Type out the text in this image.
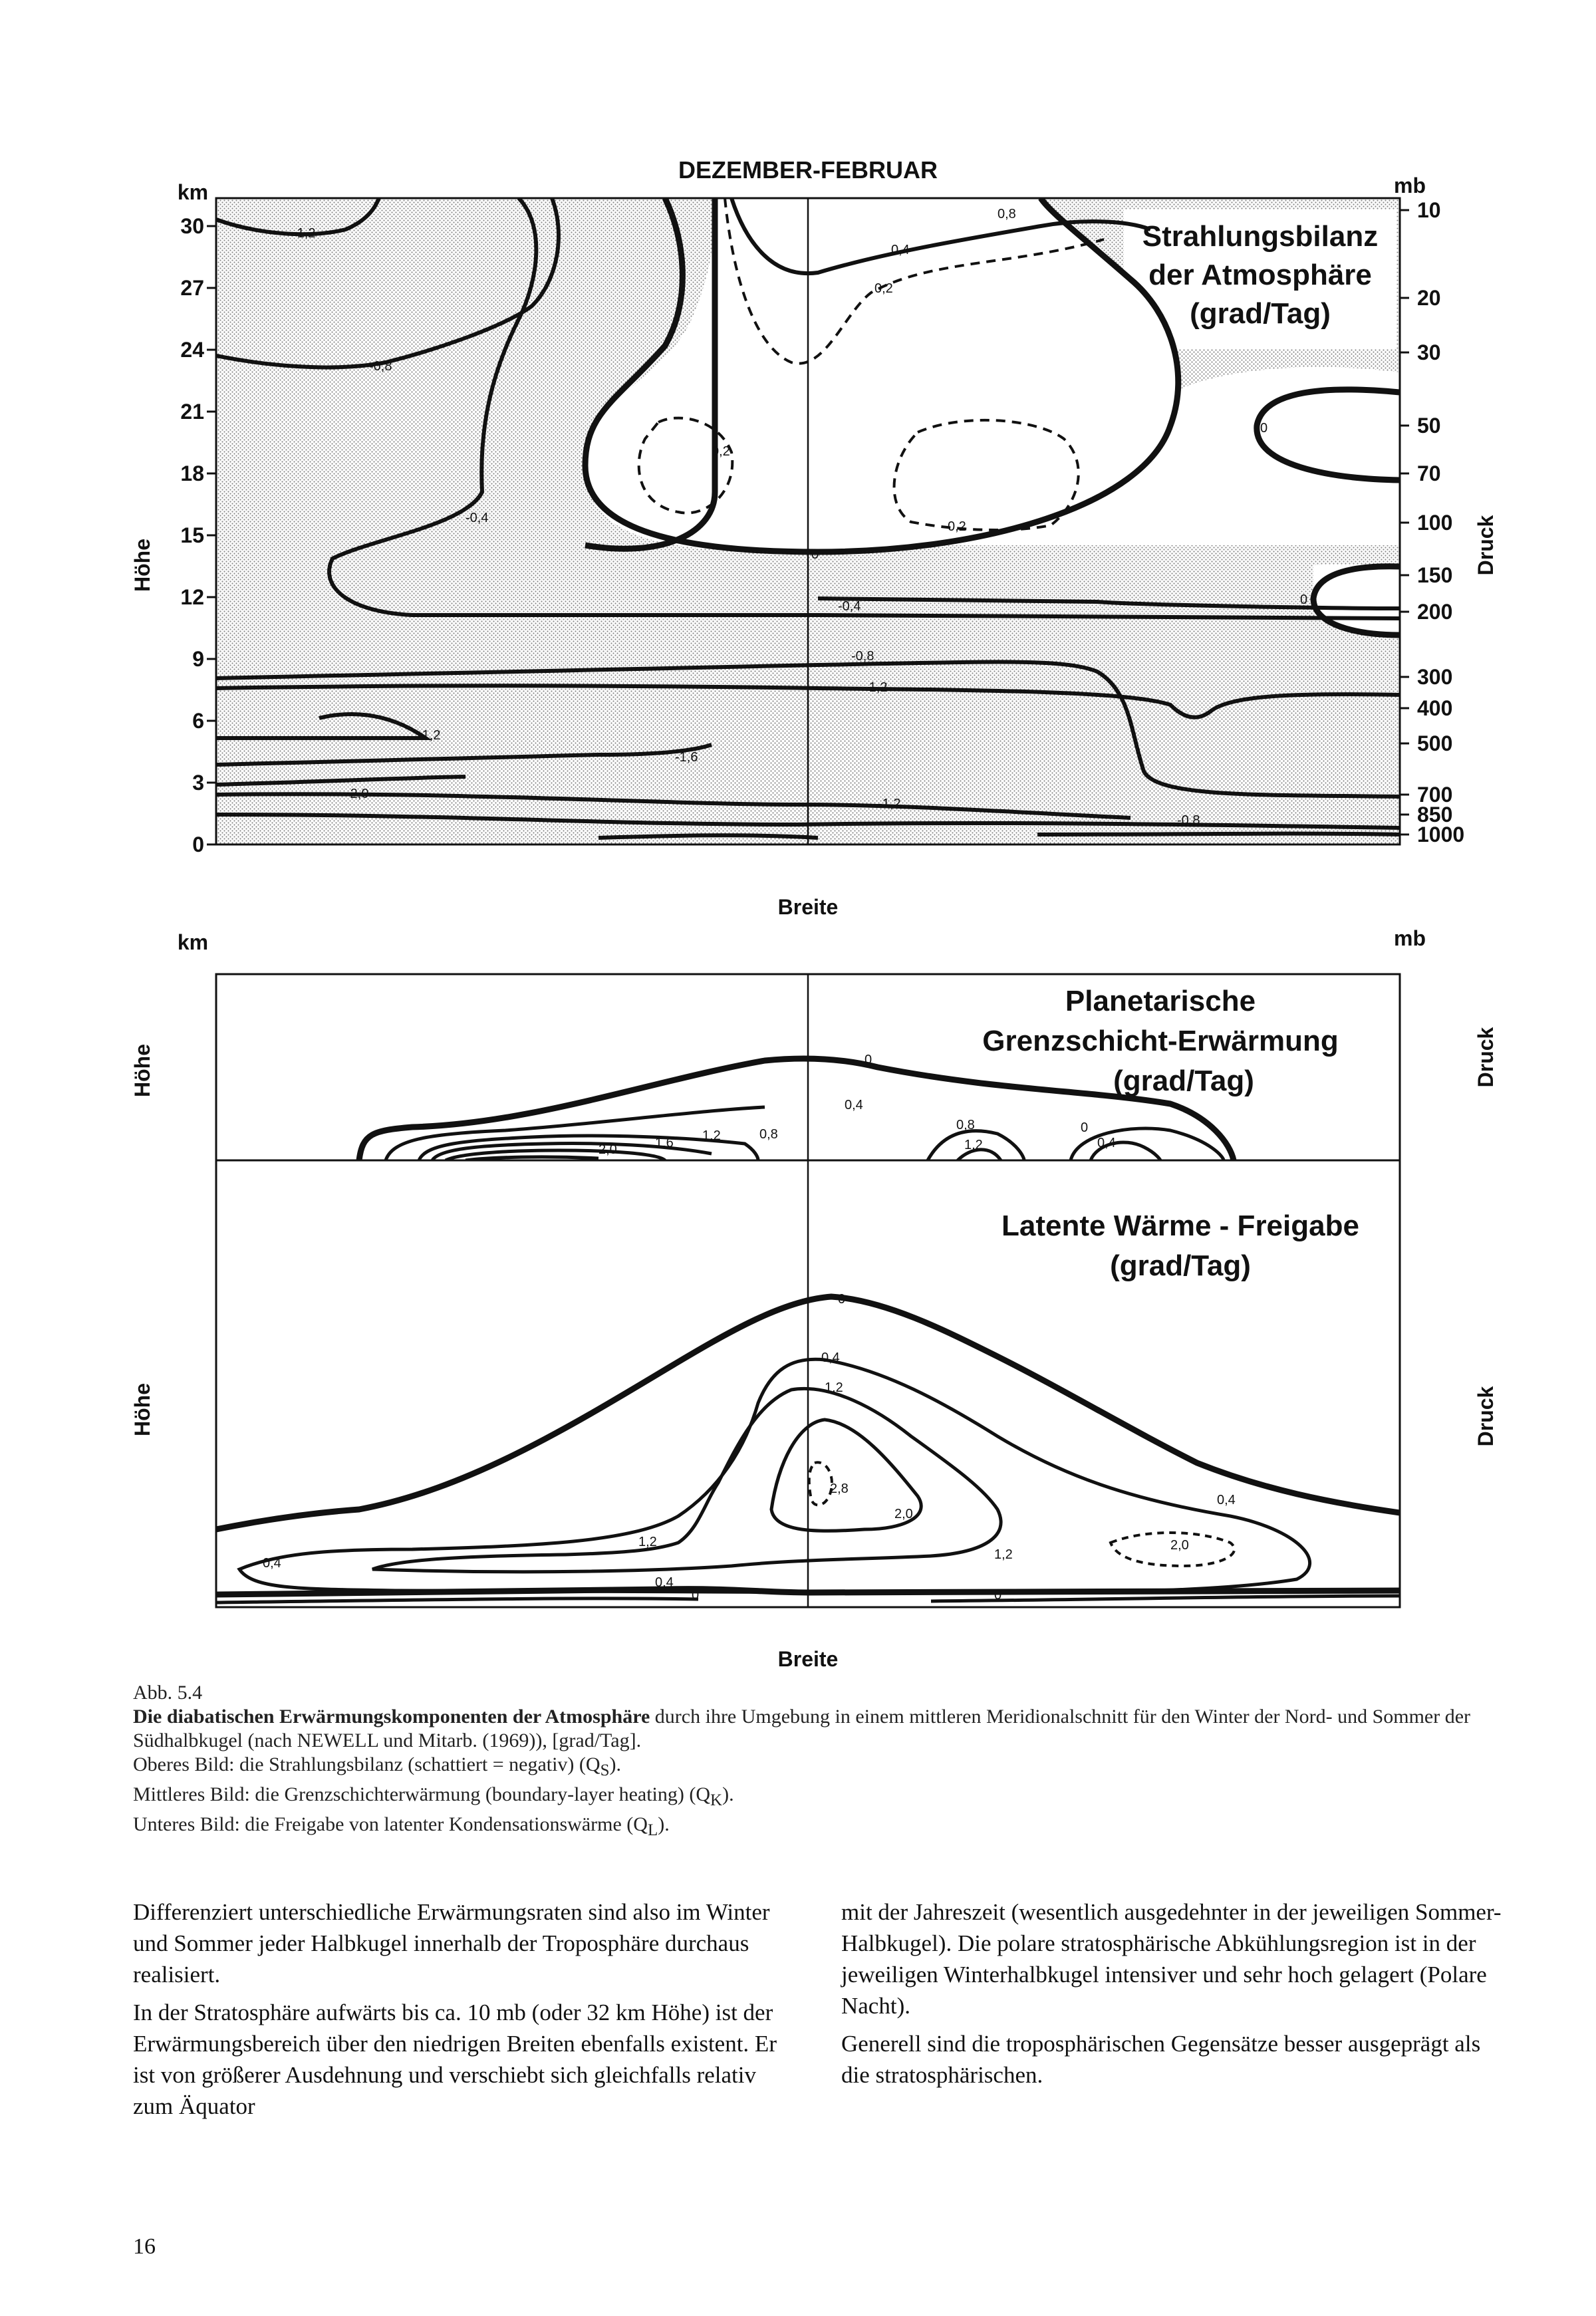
DEZEMBER-FEBRUAR
km	mb
-1,2
-0,8
-0,4
-0,4
-0,8
-1,2
-1,2
-1,6
-2,0
-1,2
-0,8
0,8
0,4
0,2
0,2
0,2
0
0
0
Strahlungsbilanz
der Atmosphäre
(grad/Tag)
30
27
24
21
18
15
12
9
6
3
0
10
20
30
50
70
100
150
200
300
400
500
700
850
1000
Höhe	Druck
Breite
km	mb
0
0,4
0,8
0,8
1,2
1,2
1,6
2,0
0
0,4
Planetarische
Grenzschicht-Erwärmung
(grad/Tag)
Höhe	Druck
0
0,4
1,2
2,8
2,0
0,4
2,0
1,2
1,2
0,4
0,4
0	0
Latente Wärme - Freigabe
(grad/Tag)
Höhe	Druck
Breite
Abb. 5.4
Die diabatischen Erwärmungskomponenten der Atmosphäre durch ihre Umgebung in einem mittleren Meridionalschnitt für den Winter der Nord- und Sommer der Südhalbkugel (nach NEWELL und Mitarb. (1969)), [grad/Tag].
Oberes Bild: die Strahlungsbilanz (schattiert = negativ) $(Q_S)$.
Mittleres Bild: die Grenzschichterwärmung (boundary-layer heating) $(Q_K)$.
Unteres Bild: die Freigabe von latenter Kondensationswärme $(Q_L)$.

Differenziert unterschiedliche Erwärmungsraten sind also im Winter und Sommer jeder Halbkugel innerhalb der Troposphäre durchaus realisiert.

In der Stratosphäre aufwärts bis ca. 10 mb (oder 32 km Höhe) ist der Erwärmungsbereich über den niedrigen Breiten ebenfalls existent. Er ist von größerer Ausdehnung und verschiebt sich gleichfalls relativ zum Äquator

mit der Jahreszeit (wesentlich ausgedehnter in der jeweiligen Sommer-Halbkugel). Die polare stratosphärische Abkühlungsregion ist in der jeweiligen Winterhalbkugel intensiver und sehr hoch gelagert (Polare Nacht).

Generell sind die troposphärischen Gegensätze besser ausgeprägt als die stratosphärischen.

16
